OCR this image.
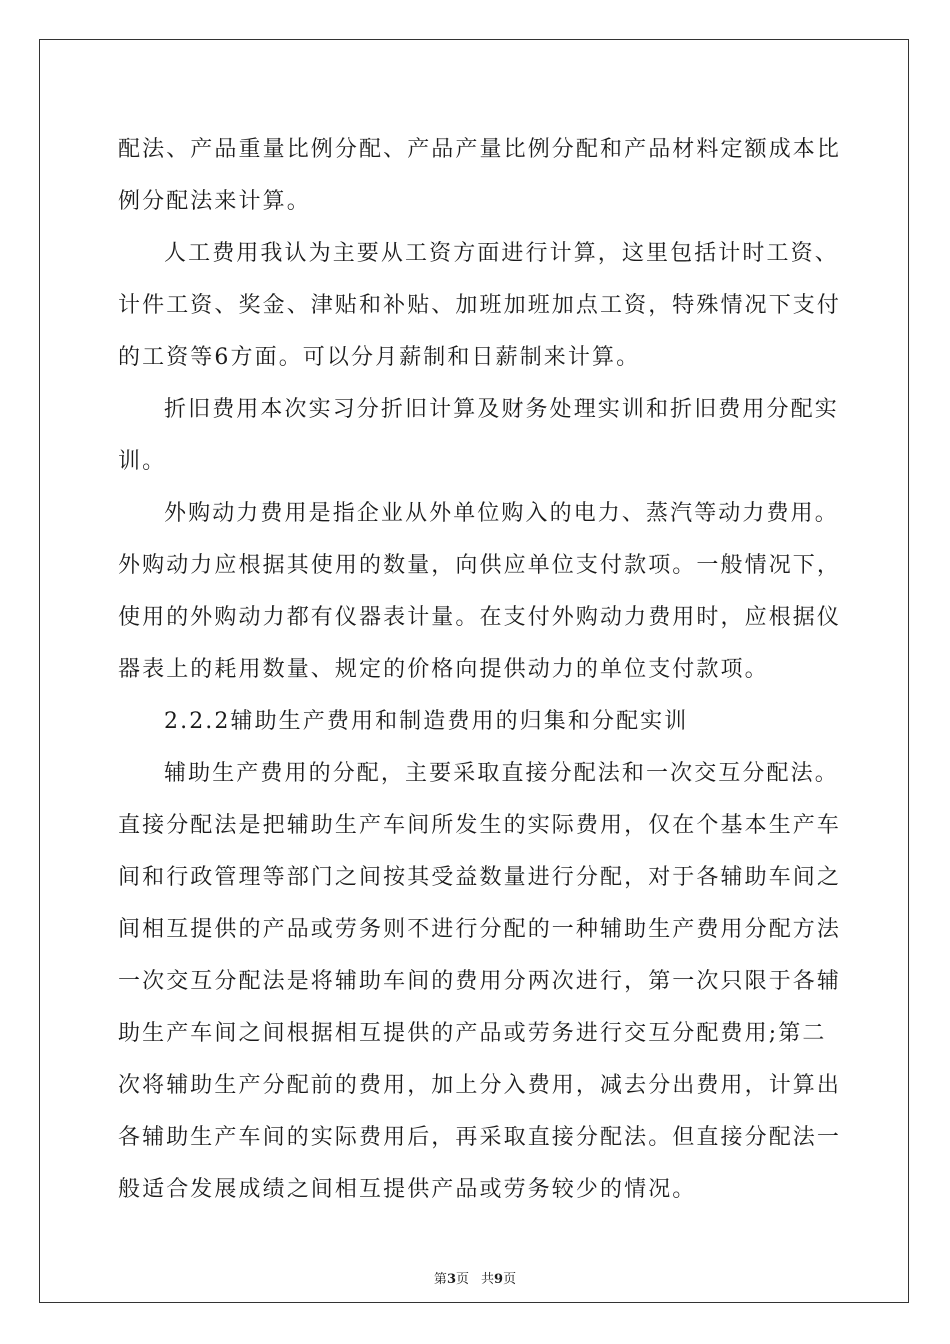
配法、产品重量比例分配、产品产量比例分配和产品材料定额成本比
例分配法来计算。
人工费用我认为主要从工资方面进行计算，这里包括计时工资、
计件工资、奖金、津贴和补贴、加班加班加点工资，特殊情况下支付
的工资等6方面。可以分月薪制和日薪制来计算。
折旧费用本次实习分折旧计算及财务处理实训和折旧费用分配实
训。
外购动力费用是指企业从外单位购入的电力、蒸汽等动力费用。
外购动力应根据其使用的数量，向供应单位支付款项。一般情况下，
使用的外购动力都有仪器表计量。在支付外购动力费用时，应根据仪
器表上的耗用数量、规定的价格向提供动力的单位支付款项。
2.2.2辅助生产费用和制造费用的归集和分配实训
辅助生产费用的分配，主要采取直接分配法和一次交互分配法。
直接分配法是把辅助生产车间所发生的实际费用，仅在个基本生产车
间和行政管理等部门之间按其受益数量进行分配，对于各辅助车间之
间相互提供的产品或劳务则不进行分配的一种辅助生产费用分配方法
一次交互分配法是将辅助车间的费用分两次进行，第一次只限于各辅
助生产车间之间根据相互提供的产品或劳务进行交互分配费用;第二
次将辅助生产分配前的费用，加上分入费用，减去分出费用，计算出
各辅助生产车间的实际费用后，再采取直接分配法。但直接分配法一
般适合发展成绩之间相互提供产品或劳务较少的情况。
第3页 共9页
